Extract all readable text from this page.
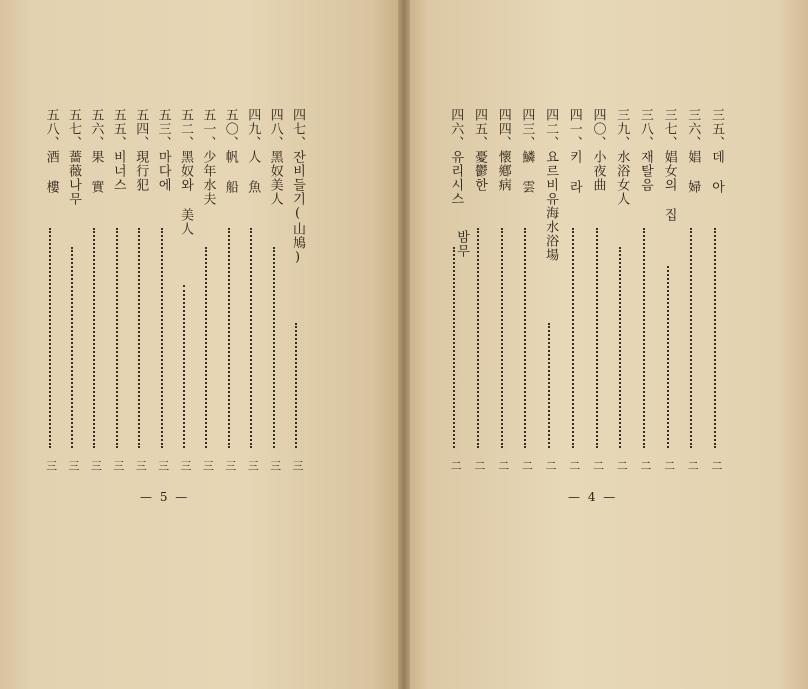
四七、잔비들기(山鳩)
三
四八、黑奴美人
三
四九、人 魚
三
五〇、帆 船
三
五一、少年水夫
三
五二、黑奴와 美人
三
五三、마다에
三
五四、現行犯
三
五五、비너스
三
五六、果 實
三
五七、薔薇나무
三
五八、酒 樓
三
— 5 —
三五、데 아
二
三六、娼 婦
二
三七、娼女의 집
二
三八、재탈음
二
三九、水浴女人
二
四〇、小夜曲
二
四一、키 라
二
四二、요르비유海水浴場
二
四三、鱗 雲
二
四四、懷鄕病
二
四五、憂鬱한
밤무
二
四六、유리시스
二
— 4 —
